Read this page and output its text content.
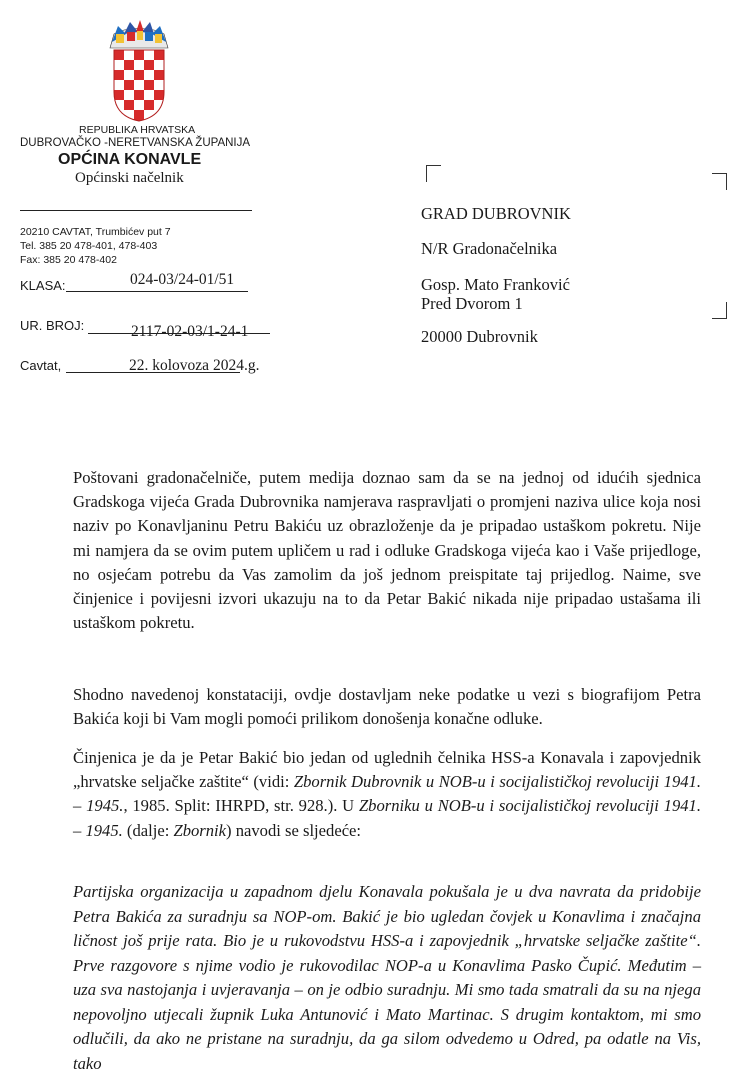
REPUBLIKA HRVATSKA
DUBROVAČKO -NERETVANSKA ŽUPANIJA
OPĆINA KONAVLE
Općinski načelnik
20210 CAVTAT, Trumbićev put 7
Tel. 385 20 478-401, 478-403
Fax: 385 20 478-402
KLASA:	024-03/24-01/51
UR. BROJ:	2117-02-03/1-24-1
Cavtat,	22. kolovoza 2024.g.
GRAD DUBROVNIK
N/R Gradonačelnika
Gosp. Mato Franković
Pred Dvorom 1
20000 Dubrovnik

Poštovani gradonačelniče, putem medija doznao sam da se na jednoj od idućih sjednica Gradskoga vijeća Grada Dubrovnika namjerava raspravljati o promjeni naziva ulice koja nosi naziv po Konavljaninu Petru Bakiću uz obrazloženje da je pripadao ustaškom pokretu. Nije mi namjera da se ovim putem upličem u rad i odluke Gradskoga vijeća kao i Vaše prijedloge, no osjećam potrebu da Vas zamolim da još jednom preispitate taj prijedlog. Naime, sve činjenice i povijesni izvori ukazuju na to da Petar Bakić nikada nije pripadao ustašama ili ustaškom pokretu.

Shodno navedenoj konstataciji, ovdje dostavljam neke podatke u vezi s biografijom Petra Bakića koji bi Vam mogli pomoći prilikom donošenja konačne odluke.

Činjenica je da je Petar Bakić bio jedan od uglednih čelnika HSS-a Konavala i zapovjednik „hrvatske seljačke zaštite“ (vidi: Zbornik Dubrovnik u NOB-u i socijalističkoj revoluciji 1941. – 1945., 1985. Split: IHRPD, str. 928.). U Zborniku u NOB-u i socijalističkoj revoluciji 1941. – 1945. (dalje: Zbornik) navodi se sljedeće:

Partijska organizacija u zapadnom djelu Konavala pokušala je u dva navrata da pridobije Petra Bakića za suradnju sa NOP-om. Bakić je bio ugledan čovjek u Konavlima i značajna ličnost još prije rata. Bio je u rukovodstvu HSS-a i zapovjednik „hrvatske seljačke zaštite“. Prve razgovore s njime vodio je rukovodilac NOP-a u Konavlima Pasko Čupić. Međutim – uza sva nastojanja i uvjeravanja – on je odbio suradnju. Mi smo tada smatrali da su na njega nepovoljno utjecali župnik Luka Antunović i Mato Martinac. S drugim kontaktom, mi smo odlučili, da ako ne pristane na suradnju, da ga silom odvedemo u Odred, pa odatle na Vis, tako
